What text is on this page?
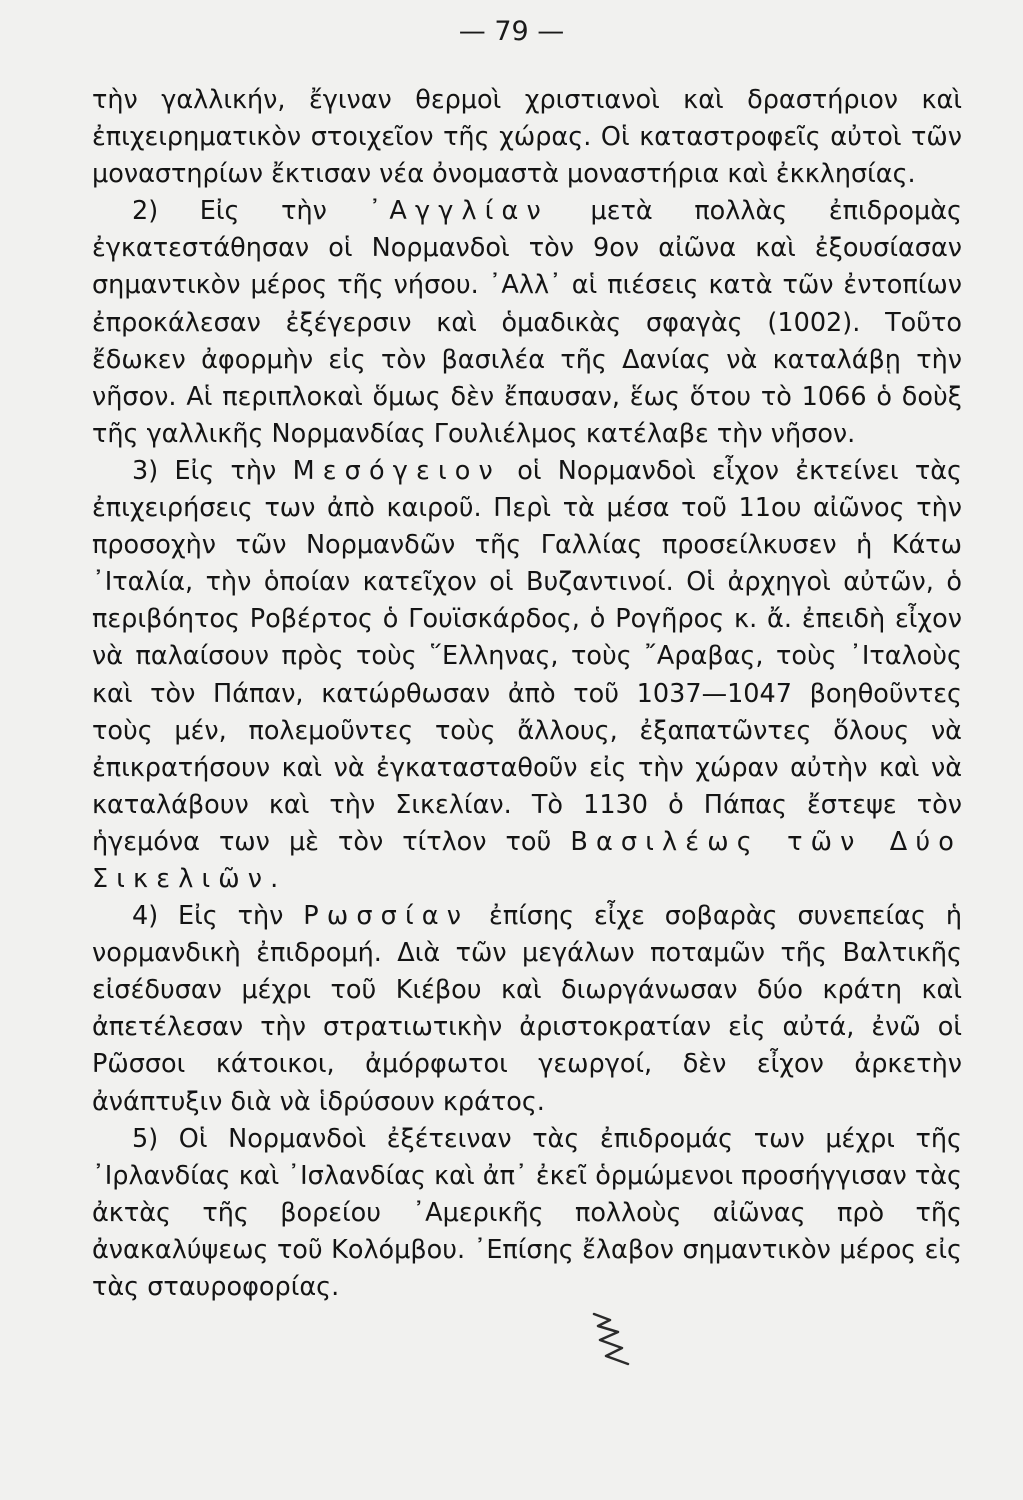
— 79 —

τὴν γαλλικήν, ἔγιναν θερμοὶ χριστιανοὶ καὶ δραστήριον καὶ ἐπιχειρηματικὸν στοιχεῖον τῆς χώρας. Οἱ καταστροφεῖς αὐτοὶ τῶν μοναστηρίων ἔκτισαν νέα ὀνομαστὰ μοναστήρια καὶ ἐκκλησίας.

2) Εἰς τὴν ᾽Αγγλίαν μετὰ πολλὰς ἐπιδρομὰς ἐγκατεστάθησαν οἱ Νορμανδοὶ τὸν 9ον αἰῶνα καὶ ἐξουσίασαν σημαντικὸν μέρος τῆς νήσου. ᾽Αλλ᾽ αἱ πιέσεις κατὰ τῶν ἐντοπίων ἐπροκάλεσαν ἐξέγερσιν καὶ ὁμαδικὰς σφαγὰς (1002). Τοῦτο ἔδωκεν ἀφορμὴν εἰς τὸν βασιλέα τῆς Δανίας νὰ καταλάβῃ τὴν νῆσον. Αἱ περιπλοκαὶ ὅμως δὲν ἔπαυσαν, ἕως ὅτου τὸ 1066 ὁ δοὺξ τῆς γαλλικῆς Νορμανδίας Γουλιέλμος κατέλαβε τὴν νῆσον.

3) Εἰς τὴν Μεσόγειον οἱ Νορμανδοὶ εἶχον ἐκτείνει τὰς ἐπιχειρήσεις των ἀπὸ καιροῦ. Περὶ τὰ μέσα τοῦ 11ου αἰῶνος τὴν προσοχὴν τῶν Νορμανδῶν τῆς Γαλλίας προσείλκυσεν ἡ Κάτω ᾽Ιταλία, τὴν ὁποίαν κατεῖχον οἱ Βυζαντινοί. Οἱ ἀρχηγοὶ αὐτῶν, ὁ περιβόητος Ροβέρτος ὁ Γουϊσκάρδος, ὁ Ρογῆρος κ. ἄ. ἐπειδὴ εἶχον νὰ παλαίσουν πρὸς τοὺς ῞Ελληνας, τοὺς ῎Αραβας, τοὺς ᾽Ιταλοὺς καὶ τὸν Πάπαν, κατώρθωσαν ἀπὸ τοῦ 1037—1047 βοηθοῦντες τοὺς μέν, πολεμοῦντες τοὺς ἄλλους, ἐξαπατῶντες ὅλους νὰ ἐπικρατήσουν καὶ νὰ ἐγκατασταθοῦν εἰς τὴν χώραν αὐτὴν καὶ νὰ καταλάβουν καὶ τὴν Σικελίαν. Τὸ 1130 ὁ Πάπας ἔστεψε τὸν ἡγεμόνα των μὲ τὸν τίτλον τοῦ Βασιλέως τῶν Δύο Σικελιῶν.

4) Εἰς τὴν Ρωσσίαν ἐπίσης εἶχε σοβαρὰς συνεπείας ἡ νορμανδικὴ ἐπιδρομή. Διὰ τῶν μεγάλων ποταμῶν τῆς Βαλτικῆς εἰσέδυσαν μέχρι τοῦ Κιέβου καὶ διωργάνωσαν δύο κράτη καὶ ἀπετέλεσαν τὴν στρατιωτικὴν ἀριστοκρατίαν εἰς αὐτά, ἐνῶ οἱ Ρῶσσοι κάτοικοι, ἀμόρφωτοι γεωργοί, δὲν εἶχον ἀρκετὴν ἀνάπτυξιν διὰ νὰ ἱδρύσουν κράτος.

5) Οἱ Νορμανδοὶ ἐξέτειναν τὰς ἐπιδρομάς των μέχρι τῆς ᾽Ιρλανδίας καὶ ᾽Ισλανδίας καὶ ἀπ᾽ ἐκεῖ ὁρμώμενοι προσήγγισαν τὰς ἀκτὰς τῆς βορείου ᾽Αμερικῆς πολλοὺς αἰῶνας πρὸ τῆς ἀνακαλύψεως τοῦ Κολόμβου. ᾽Επίσης ἔλαβον σημαντικὸν μέρος εἰς τὰς σταυροφορίας.
